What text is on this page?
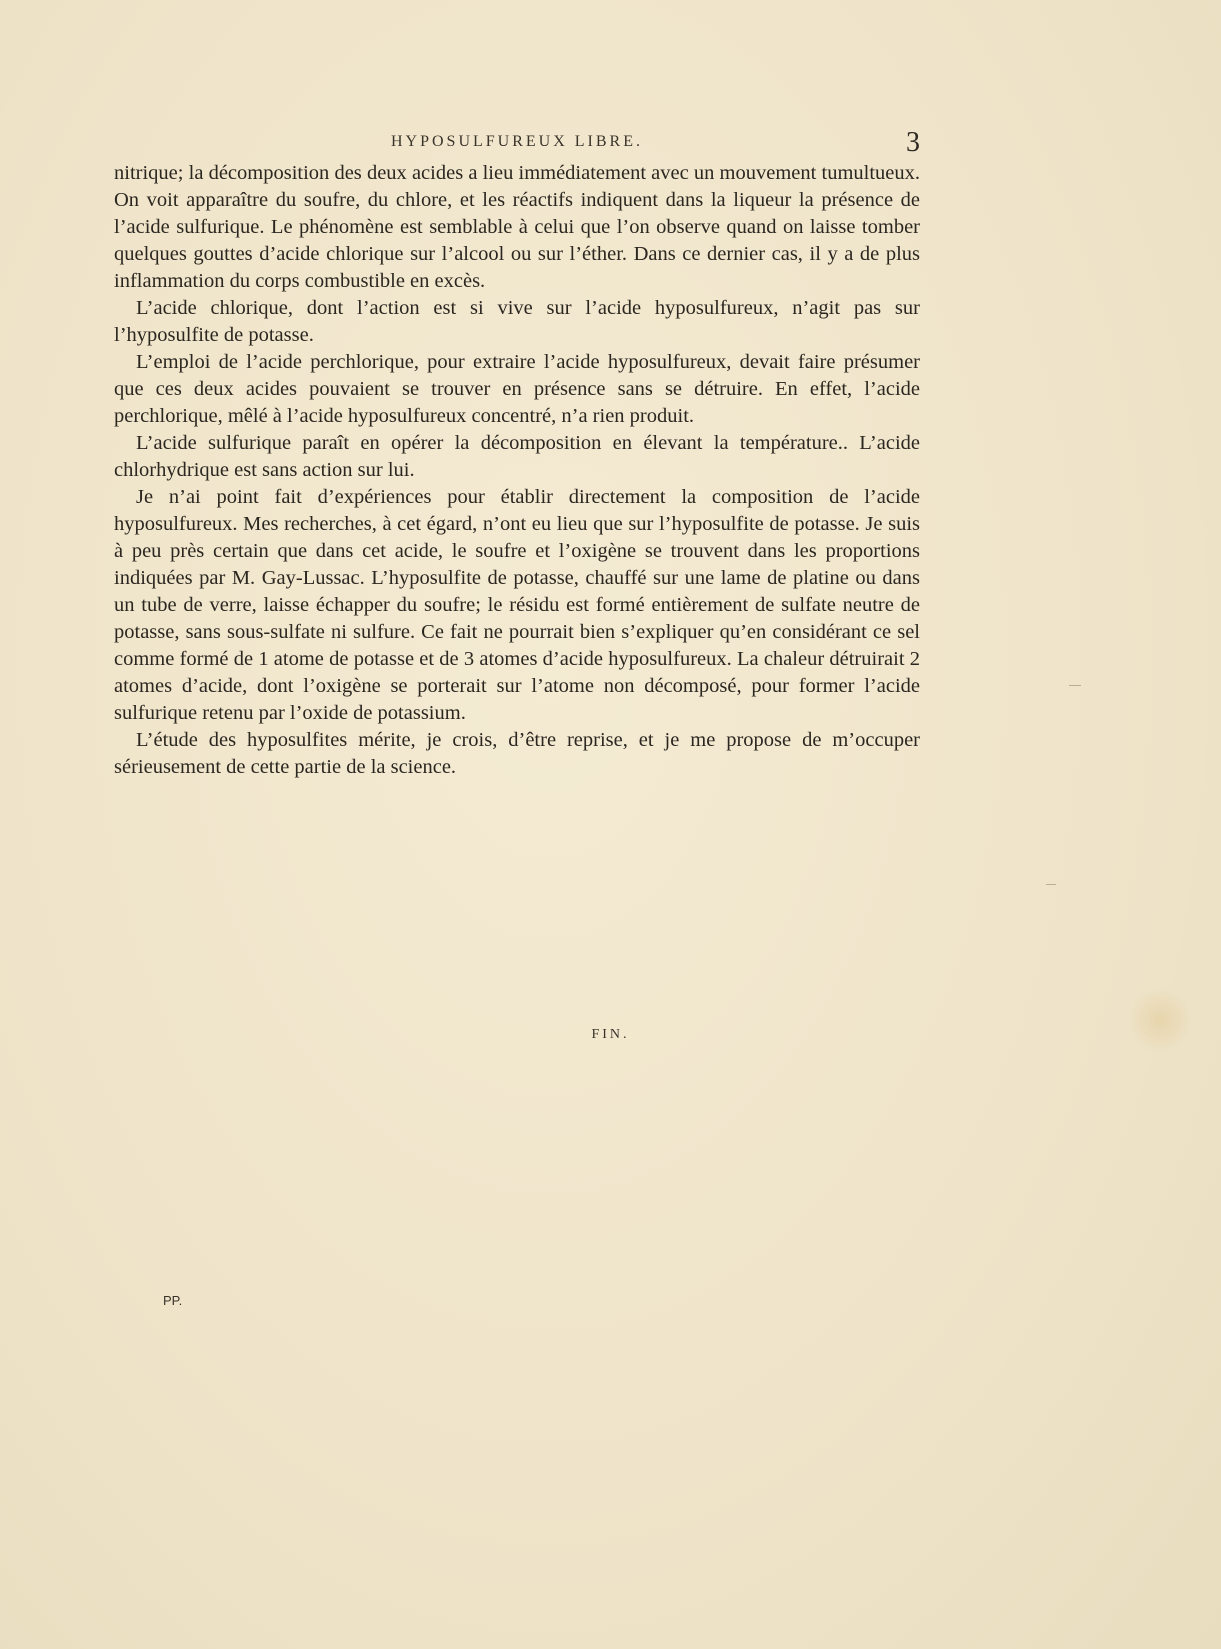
HYPOSULFUREUX LIBRE.	3

nitrique; la décomposition des deux acides a lieu immédiatement avec un mouvement tumultueux. On voit apparaître du soufre, du chlore, et les réactifs indiquent dans la liqueur la présence de l’acide sulfurique. Le phénomène est semblable à celui que l’on observe quand on laisse tomber quelques gouttes d’acide chlorique sur l’alcool ou sur l’éther. Dans ce dernier cas, il y a de plus inflammation du corps combustible en excès.

L’acide chlorique, dont l’action est si vive sur l’acide hyposulfureux, n’agit pas sur l’hyposulfite de potasse.

L’emploi de l’acide perchlorique, pour extraire l’acide hyposulfureux, devait faire présumer que ces deux acides pouvaient se trouver en présence sans se détruire. En effet, l’acide perchlorique, mêlé à l’acide hyposulfureux concentré, n’a rien produit.

L’acide sulfurique paraît en opérer la décomposition en élevant la température.. L’acide chlorhydrique est sans action sur lui.

Je n’ai point fait d’expériences pour établir directement la composition de l’acide hyposulfureux. Mes recherches, à cet égard, n’ont eu lieu que sur l’hyposulfite de potasse. Je suis à peu près certain que dans cet acide, le soufre et l’oxigène se trouvent dans les proportions indiquées par M. Gay-Lussac. L’hyposulfite de potasse, chauffé sur une lame de platine ou dans un tube de verre, laisse échapper du soufre; le résidu est formé entièrement de sulfate neutre de potasse, sans sous-sulfate ni sulfure. Ce fait ne pourrait bien s’expliquer qu’en considérant ce sel comme formé de 1 atome de potasse et de 3 atomes d’acide hyposulfureux. La chaleur détruirait 2 atomes d’acide, dont l’oxigène se porterait sur l’atome non décomposé, pour former l’acide sulfurique retenu par l’oxide de potassium.

L’étude des hyposulfites mérite, je crois, d’être reprise, et je me propose de m’occuper sérieusement de cette partie de la science.

FIN.
PP.
